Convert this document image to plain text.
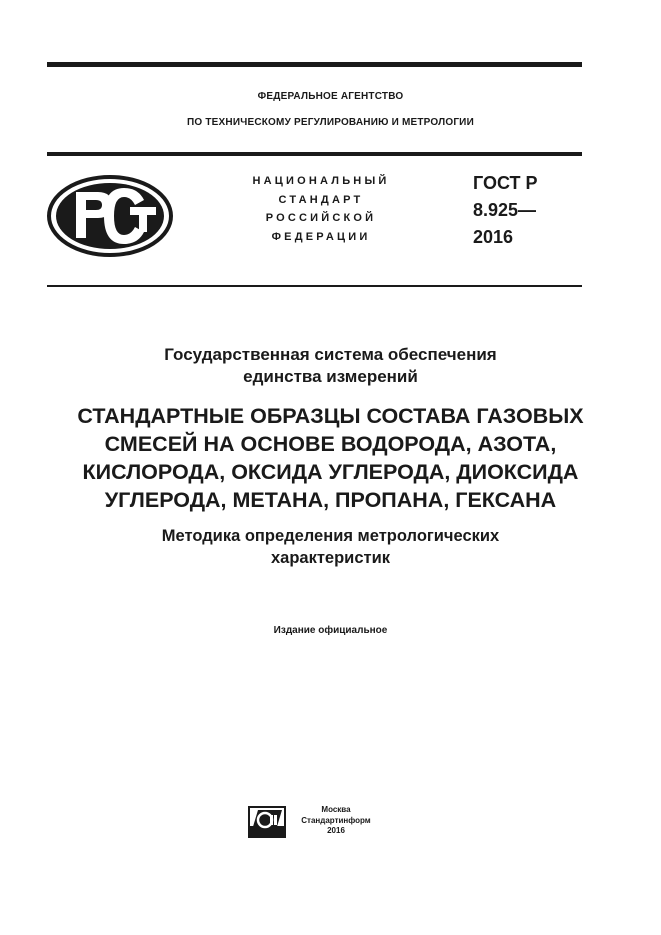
ФЕДЕРАЛЬНОЕ АГЕНТСТВО
ПО ТЕХНИЧЕСКОМУ РЕГУЛИРОВАНИЮ И МЕТРОЛОГИИ
НАЦИОНАЛЬНЫЙ
СТАНДАРТ
РОССИЙСКОЙ
ФЕДЕРАЦИИ
ГОСТ Р
8.925—
2016
Государственная система обеспечения
единства измерений
СТАНДАРТНЫЕ ОБРАЗЦЫ СОСТАВА ГАЗОВЫХ
СМЕСЕЙ НА ОСНОВЕ ВОДОРОДА, АЗОТА,
КИСЛОРОДА, ОКСИДА УГЛЕРОДА, ДИОКСИДА
УГЛЕРОДА, МЕТАНА, ПРОПАНА, ГЕКСАНА
Методика определения метрологических
характеристик
Издание официальное
Москва
Стандартинформ
2016
